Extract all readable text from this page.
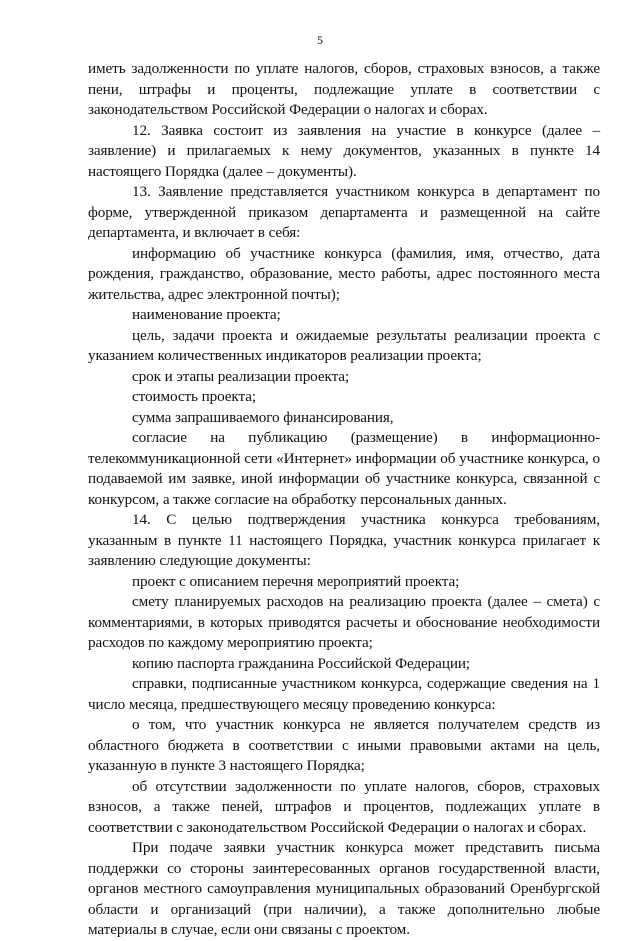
5

иметь задолженности по уплате налогов, сборов, страховых взносов, а также пени, штрафы и проценты, подлежащие уплате в соответствии с законодательством Российской Федерации о налогах и сборах.

12. Заявка состоит из заявления на участие в конкурсе (далее – заявление) и прилагаемых к нему документов, указанных в пункте 14 настоящего Порядка (далее – документы).

13. Заявление представляется участником конкурса в департамент по форме, утвержденной приказом департамента и размещенной на сайте департамента, и включает в себя:

информацию об участнике конкурса (фамилия, имя, отчество, дата рождения, гражданство, образование, место работы, адрес постоянного места жительства, адрес электронной почты);

наименование проекта;

цель, задачи проекта и ожидаемые результаты реализации проекта с указанием количественных индикаторов реализации проекта;

срок и этапы реализации проекта;

стоимость проекта;

сумма запрашиваемого финансирования,

согласие на публикацию (размещение) в информационно-телекоммуникационной сети «Интернет» информации об участнике конкурса, о подаваемой им заявке, иной информации об участнике конкурса, связанной с конкурсом, а также согласие на обработку персональных данных.

14. С целью подтверждения участника конкурса требованиям, указанным в пункте 11 настоящего Порядка, участник конкурса прилагает к заявлению следующие документы:

проект с описанием перечня мероприятий проекта;

смету планируемых расходов на реализацию проекта (далее – смета) с комментариями, в которых приводятся расчеты и обоснование необходимости расходов по каждому мероприятию проекта;

копию паспорта гражданина Российской Федерации;

справки, подписанные участником конкурса, содержащие сведения на 1 число месяца, предшествующего месяцу проведению конкурса:

о том, что участник конкурса не является получателем средств из областного бюджета в соответствии с иными правовыми актами на цель, указанную в пункте 3 настоящего Порядка;

об отсутствии задолженности по уплате налогов, сборов, страховых взносов, а также пеней, штрафов и процентов, подлежащих уплате в соответствии с законодательством Российской Федерации о налогах и сборах.

При подаче заявки участник конкурса может представить письма поддержки со стороны заинтересованных органов государственной власти, органов местного самоуправления муниципальных образований Оренбургской области и организаций (при наличии), а также дополнительно любые материалы в случае, если они связаны с проектом.
